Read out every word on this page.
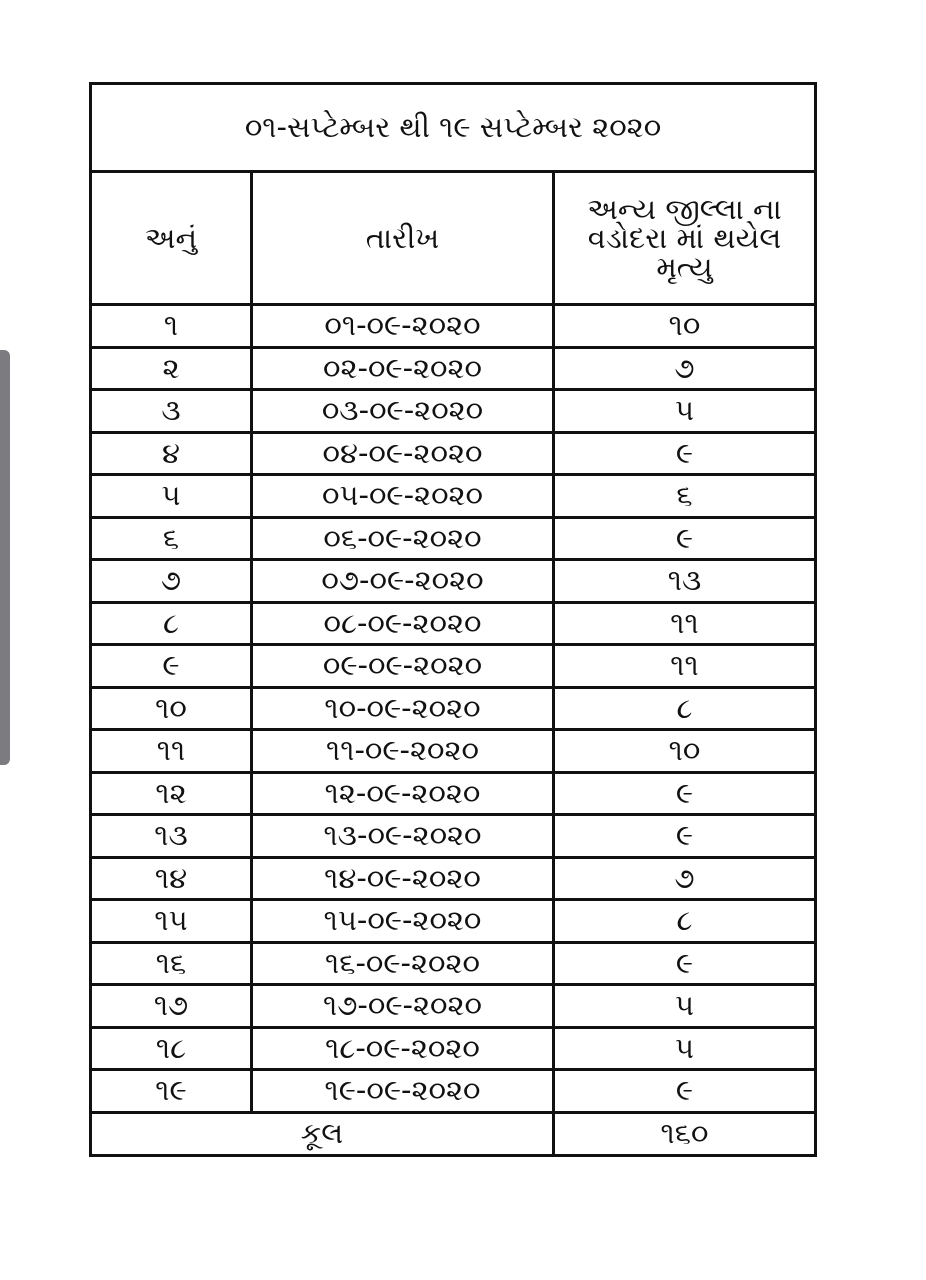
૦૧-સપ્ટેમ્બર થી ૧૯ સપ્ટેમ્બર ૨૦૨૦		
અનું	તારીખ	અન્ય જીલ્લા ના વડોદરા માં થયેલ મૃત્યુ
૧	૦૧-૦૯-૨૦૨૦	૧૦
૨	૦૨-૦૯-૨૦૨૦	૭
૩	૦૩-૦૯-૨૦૨૦	૫
૪	૦૪-૦૯-૨૦૨૦	૯
૫	૦૫-૦૯-૨૦૨૦	૬
૬	૦૬-૦૯-૨૦૨૦	૯
૭	૦૭-૦૯-૨૦૨૦	૧૩
૮	૦૮-૦૯-૨૦૨૦	૧૧
૯	૦૯-૦૯-૨૦૨૦	૧૧
૧૦	૧૦-૦૯-૨૦૨૦	૮
૧૧	૧૧-૦૯-૨૦૨૦	૧૦
૧૨	૧૨-૦૯-૨૦૨૦	૯
૧૩	૧૩-૦૯-૨૦૨૦	૯
૧૪	૧૪-૦૯-૨૦૨૦	૭
૧૫	૧૫-૦૯-૨૦૨૦	૮
૧૬	૧૬-૦૯-૨૦૨૦	૯
૧૭	૧૭-૦૯-૨૦૨૦	૫
૧૮	૧૮-૦૯-૨૦૨૦	૫
૧૯	૧૯-૦૯-૨૦૨૦	૯
કૂલ		૧૬૦
